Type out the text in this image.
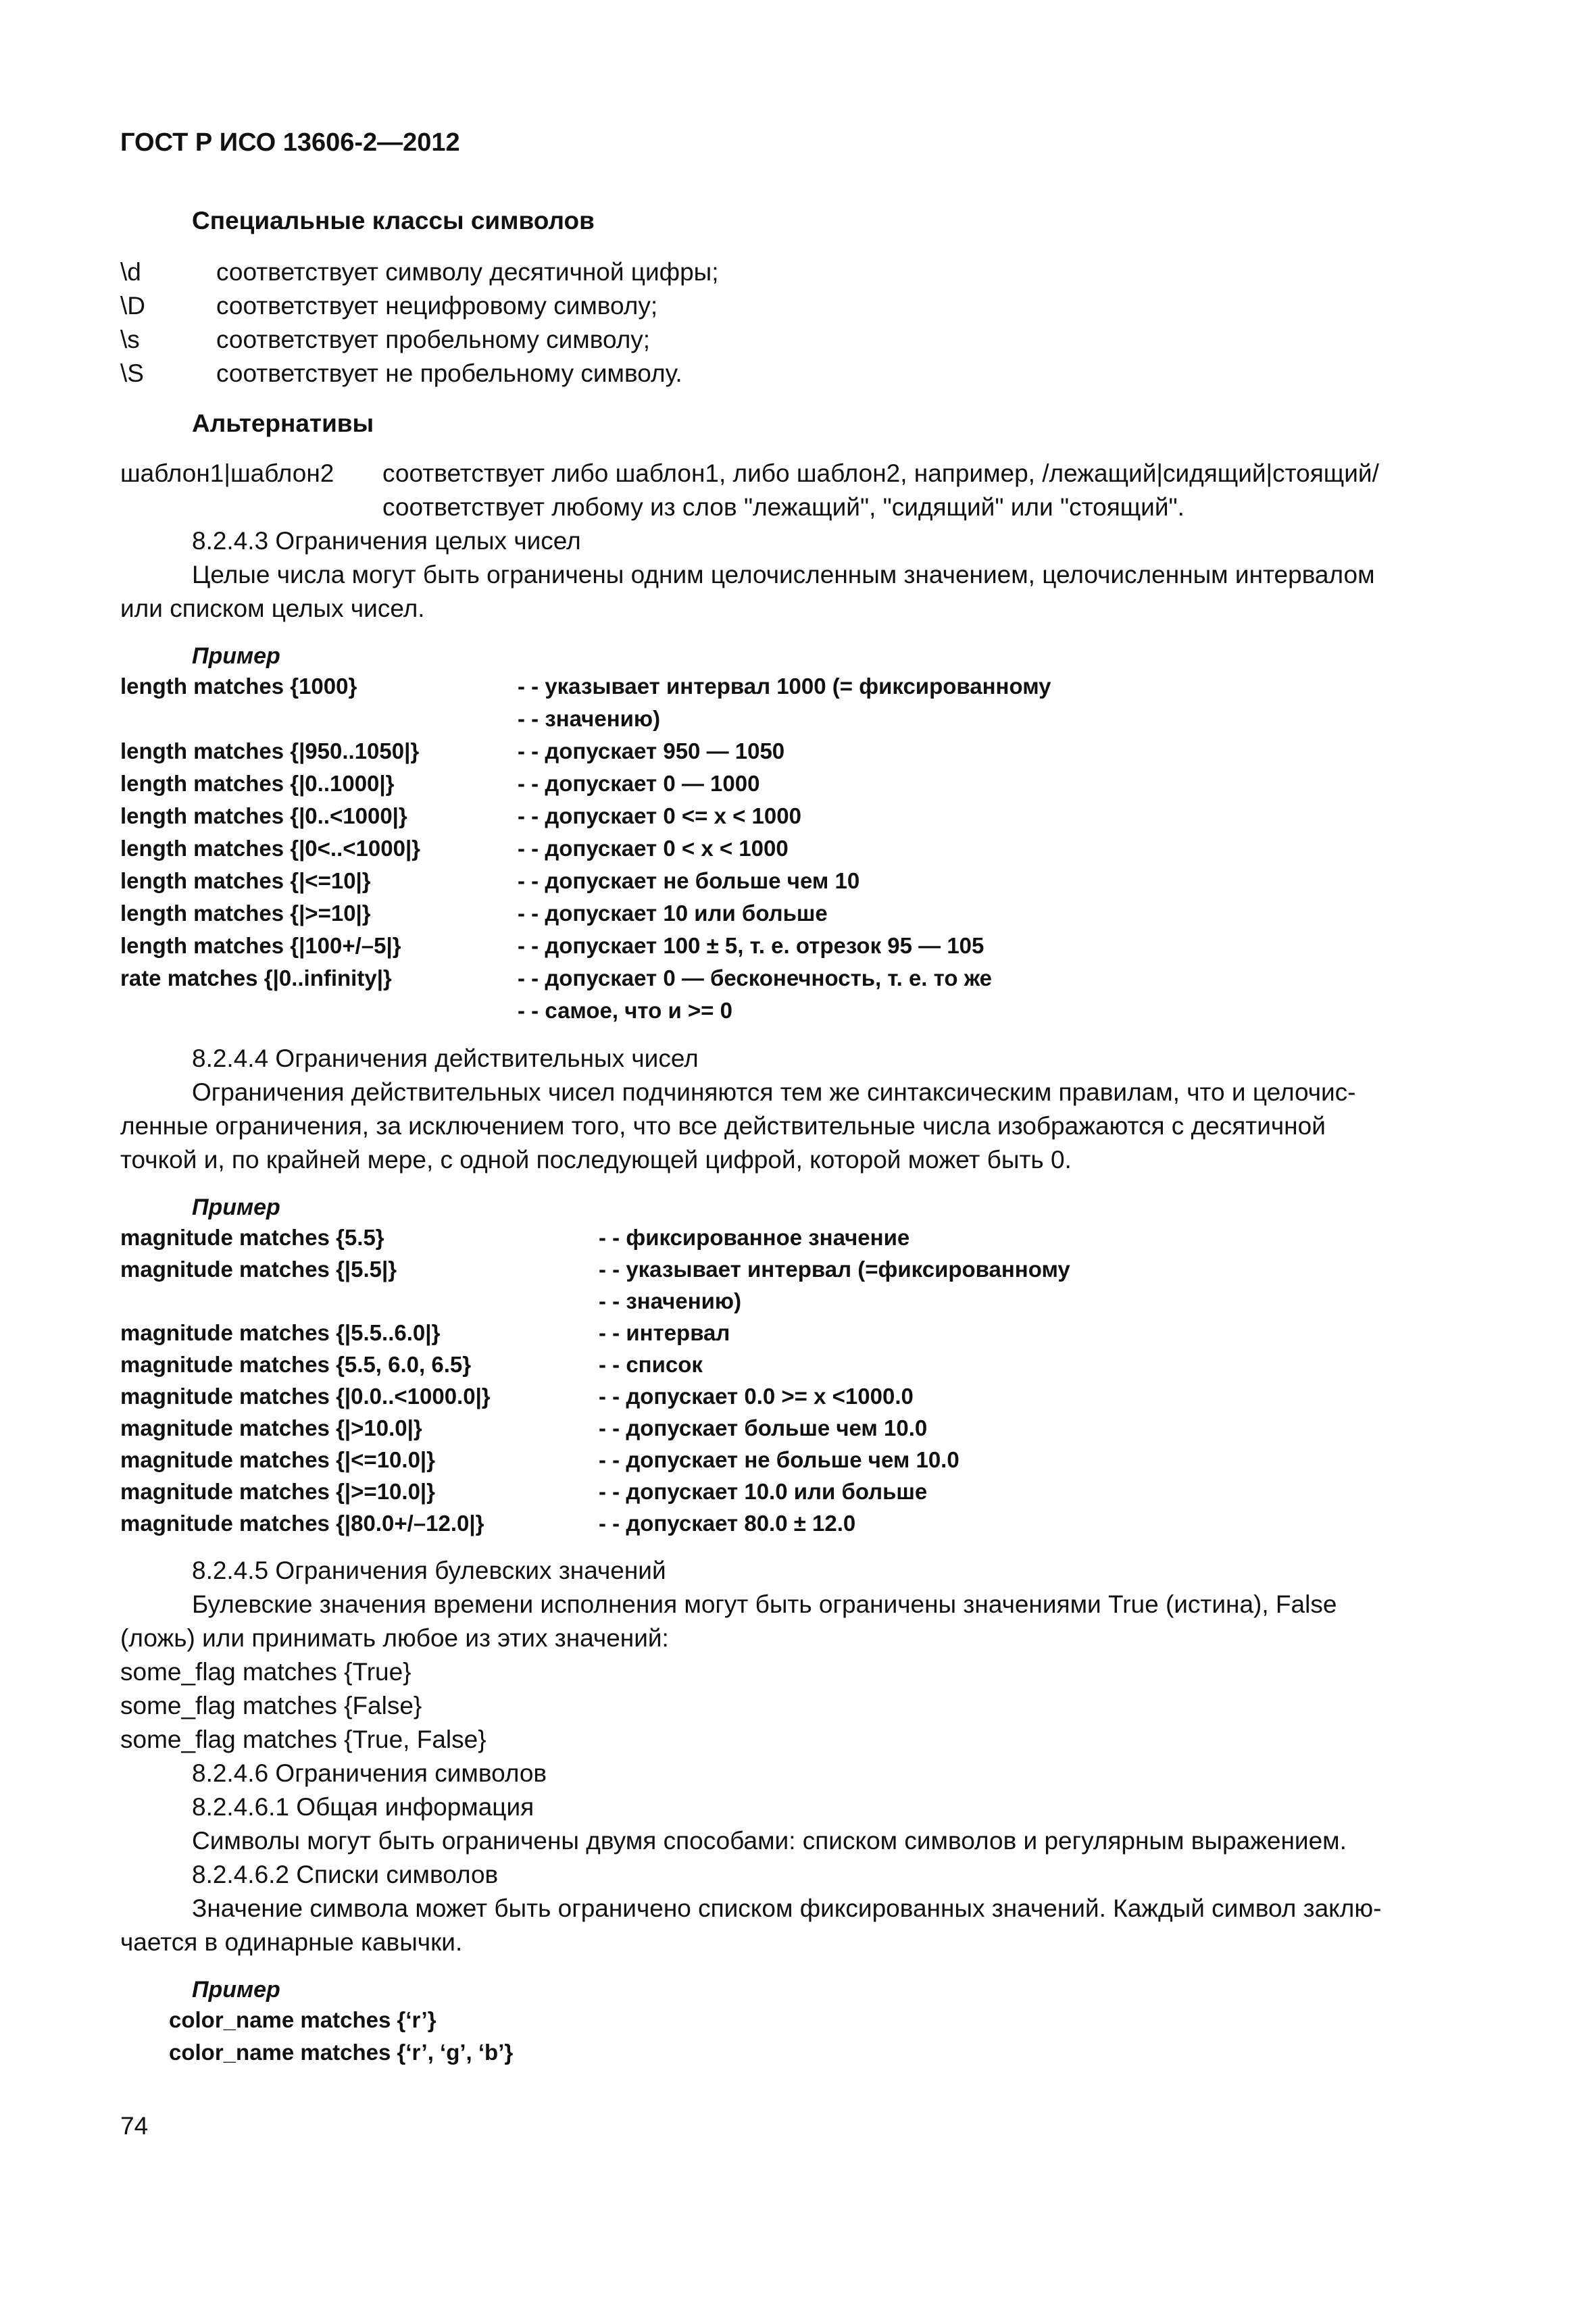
ГОСТ Р ИСО 13606-2—2012
Специальные классы символов
\d	соответствует символу десятичной цифры;
\D	соответствует нецифровому символу;
\s	соответствует пробельному символу;
\S	соответствует не пробельному символу.
Альтернативы
шаблон1|шаблон2 соответствует либо шаблон1, либо шаблон2, например, /лежащий|сидящий|стоящий/
соответствует любому из слов "лежащий", "сидящий" или "стоящий".
8.2.4.3 Ограничения целых чисел
Целые числа могут быть ограничены одним целочисленным значением, целочисленным интервалом
или списком целых чисел.
Пример
length matches {1000}	- - указывает интервал 1000 (= фиксированному
- - значению)
length matches {|950..1050|}	- - допускает 950 — 1050
length matches {|0..1000|}	- - допускает 0 — 1000
length matches {|0..<1000|}	- - допускает 0 <= x < 1000
length matches {|0<..<1000|}	- - допускает 0 < x < 1000
length matches {|<=10|}	- - допускает не больше чем 10
length matches {|>=10|}	- - допускает 10 или больше
length matches {|100+/–5|}	- - допускает 100 ± 5, т. е. отрезок 95 — 105
rate matches {|0..infinity|}	- - допускает 0 — бесконечность, т. е. то же
- - самое, что и >= 0
8.2.4.4 Ограничения действительных чисел
Ограничения действительных чисел подчиняются тем же синтаксическим правилам, что и целочис-
ленные ограничения, за исключением того, что все действительные числа изображаются с десятичной
точкой и, по крайней мере, с одной последующей цифрой, которой может быть 0.
Пример
magnitude matches {5.5}	- - фиксированное значение
magnitude matches {|5.5|}	- - указывает интервал (=фиксированному
- - значению)
magnitude matches {|5.5..6.0|}	- - интервал
magnitude matches {5.5, 6.0, 6.5}	- - список
magnitude matches {|0.0..<1000.0|}	- - допускает 0.0 >= x <1000.0
magnitude matches {|>10.0|}	- - допускает больше чем 10.0
magnitude matches {|<=10.0|}	- - допускает не больше чем 10.0
magnitude matches {|>=10.0|}	- - допускает 10.0 или больше
magnitude matches {|80.0+/–12.0|}	- - допускает 80.0 ± 12.0
8.2.4.5 Ограничения булевских значений
Булевские значения времени исполнения могут быть ограничены значениями True (истина), False
(ложь) или принимать любое из этих значений:
some_flag matches {True}
some_flag matches {False}
some_flag matches {True, False}
8.2.4.6 Ограничения символов
8.2.4.6.1 Общая информация
Символы могут быть ограничены двумя способами: списком символов и регулярным выражением.
8.2.4.6.2 Списки символов
Значение символа может быть ограничено списком фиксированных значений. Каждый символ заклю-
чается в одинарные кавычки.
Пример
color_name matches {‘r’}
color_name matches {‘r’, ‘g’, ‘b’}
74
